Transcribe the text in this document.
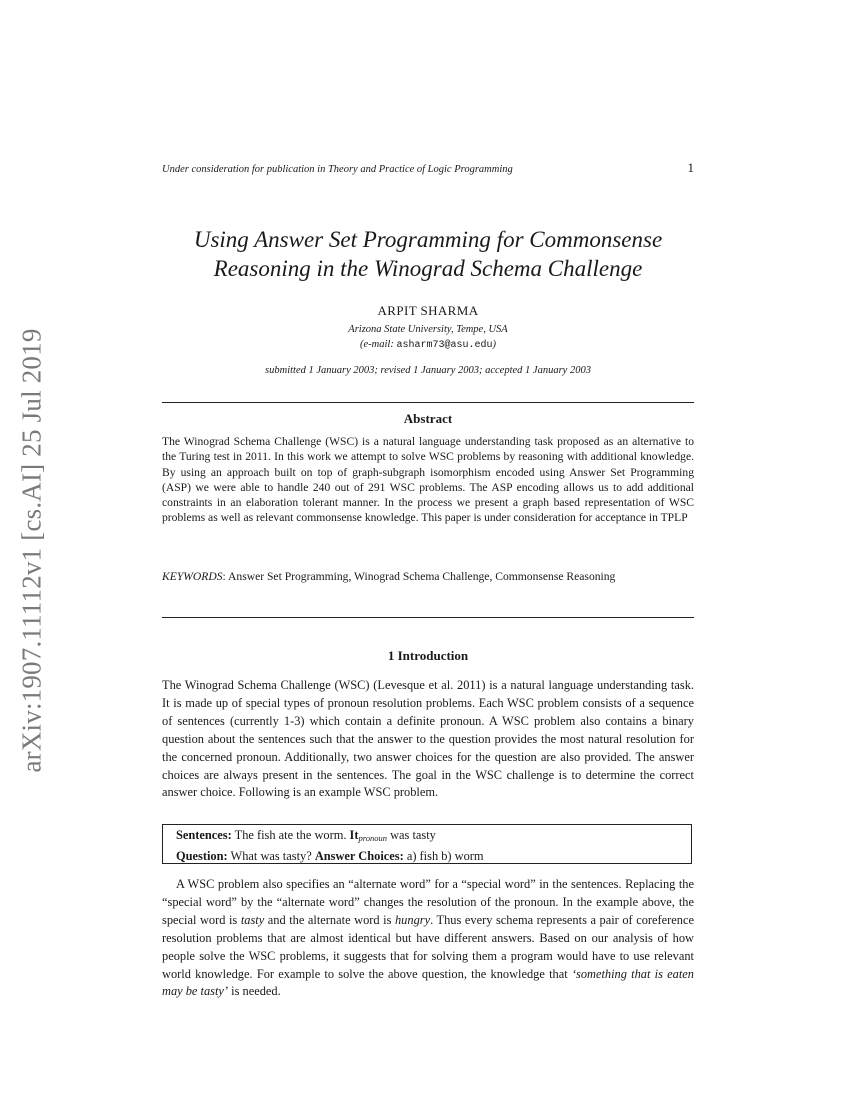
arXiv:1907.11112v1 [cs.AI] 25 Jul 2019
Under consideration for publication in Theory and Practice of Logic Programming	1
Using Answer Set Programming for Commonsense
Reasoning in the Winograd Schema Challenge
ARPIT SHARMA
Arizona State University, Tempe, USA
(e-mail: asharm73@asu.edu)
submitted 1 January 2003; revised 1 January 2003; accepted 1 January 2003
Abstract
The Winograd Schema Challenge (WSC) is a natural language understanding task proposed as an alternative to the Turing test in 2011. In this work we attempt to solve WSC problems by reasoning with additional knowledge. By using an approach built on top of graph-subgraph isomorphism encoded using Answer Set Programming (ASP) we were able to handle 240 out of 291 WSC problems. The ASP encoding allows us to add additional constraints in an elaboration tolerant manner. In the process we present a graph based representation of WSC problems as well as relevant commonsense knowledge. This paper is under consideration for acceptance in TPLP
KEYWORDS: Answer Set Programming, Winograd Schema Challenge, Commonsense Reasoning
1 Introduction
The Winograd Schema Challenge (WSC) (Levesque et al. 2011) is a natural language understanding task. It is made up of special types of pronoun resolution problems. Each WSC problem consists of a sequence of sentences (currently 1-3) which contain a definite pronoun. A WSC problem also contains a binary question about the sentences such that the answer to the question provides the most natural resolution for the concerned pronoun. Additionally, two answer choices for the question are also provided. The answer choices are always present in the sentences. The goal in the WSC challenge is to determine the correct answer choice. Following is an example WSC problem.
Sentences: The fish ate the worm. $It_{pronoun}$ was tasty
Question: What was tasty? Answer Choices: a) fish b) worm
A WSC problem also specifies an “alternate word” for a “special word” in the sentences. Replacing the “special word” by the “alternate word” changes the resolution of the pronoun. In the example above, the special word is tasty and the alternate word is hungry. Thus every schema represents a pair of coreference resolution problems that are almost identical but have different answers. Based on our analysis of how people solve the WSC problems, it suggests that for solving them a program would have to use relevant world knowledge. For example to solve the above question, the knowledge that ‘something that is eaten may be tasty’ is needed.
